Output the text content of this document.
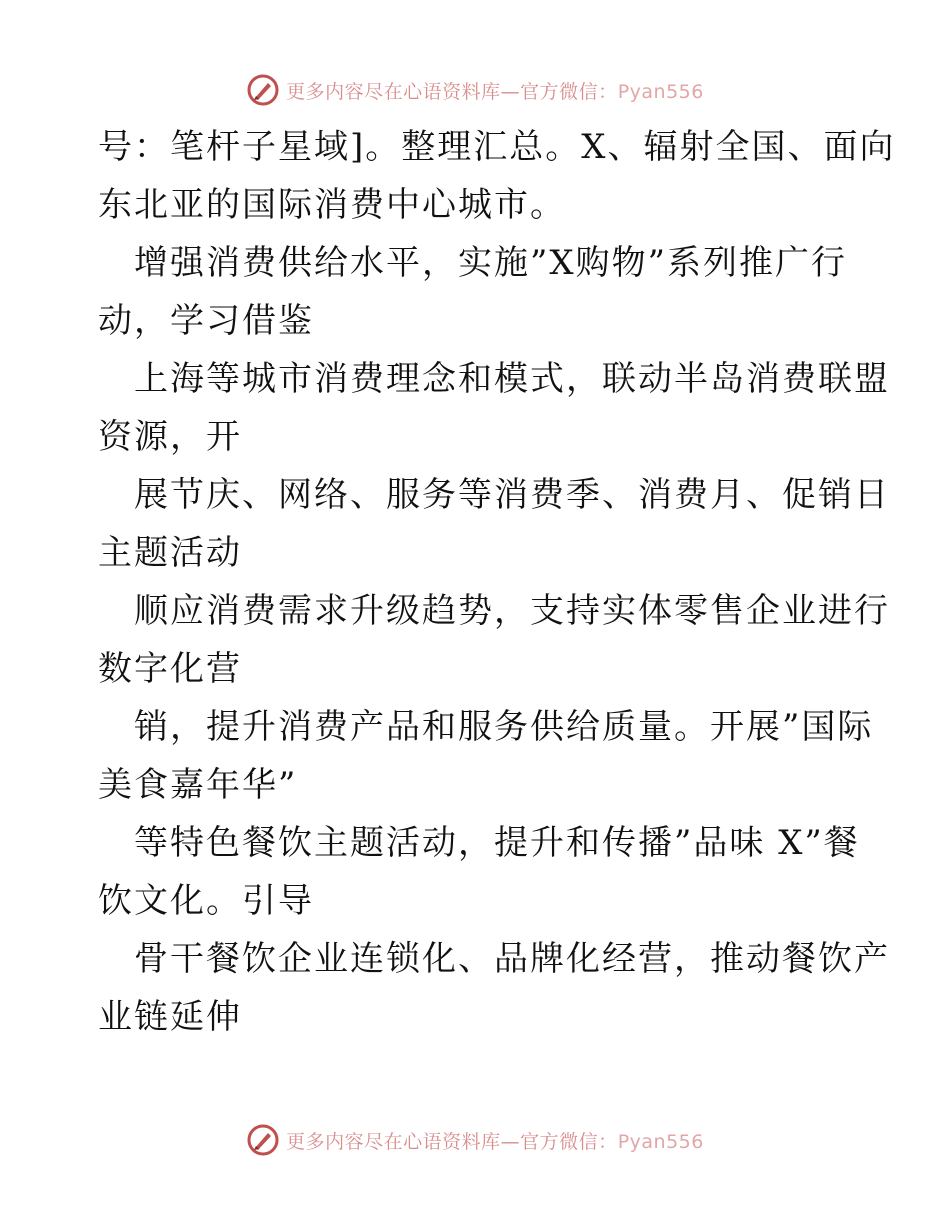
更多内容尽在心语资料库—官方微信：Pyan556
号：笔杆子星域]。整理汇总。X、辐射全国、面向
东北亚的国际消费中心城市。
增强消费供给水平，实施”X购物”系列推广行
动，学习借鉴
上海等城市消费理念和模式，联动半岛消费联盟
资源，开
展节庆、网络、服务等消费季、消费月、促销日
主题活动
顺应消费需求升级趋势，支持实体零售企业进行
数字化营
销，提升消费产品和服务供给质量。开展”国际
美食嘉年华”
等特色餐饮主题活动，提升和传播”品味 X”餐
饮文化。引导
骨干餐饮企业连锁化、品牌化经营，推动餐饮产
业链延伸
更多内容尽在心语资料库—官方微信：Pyan556
